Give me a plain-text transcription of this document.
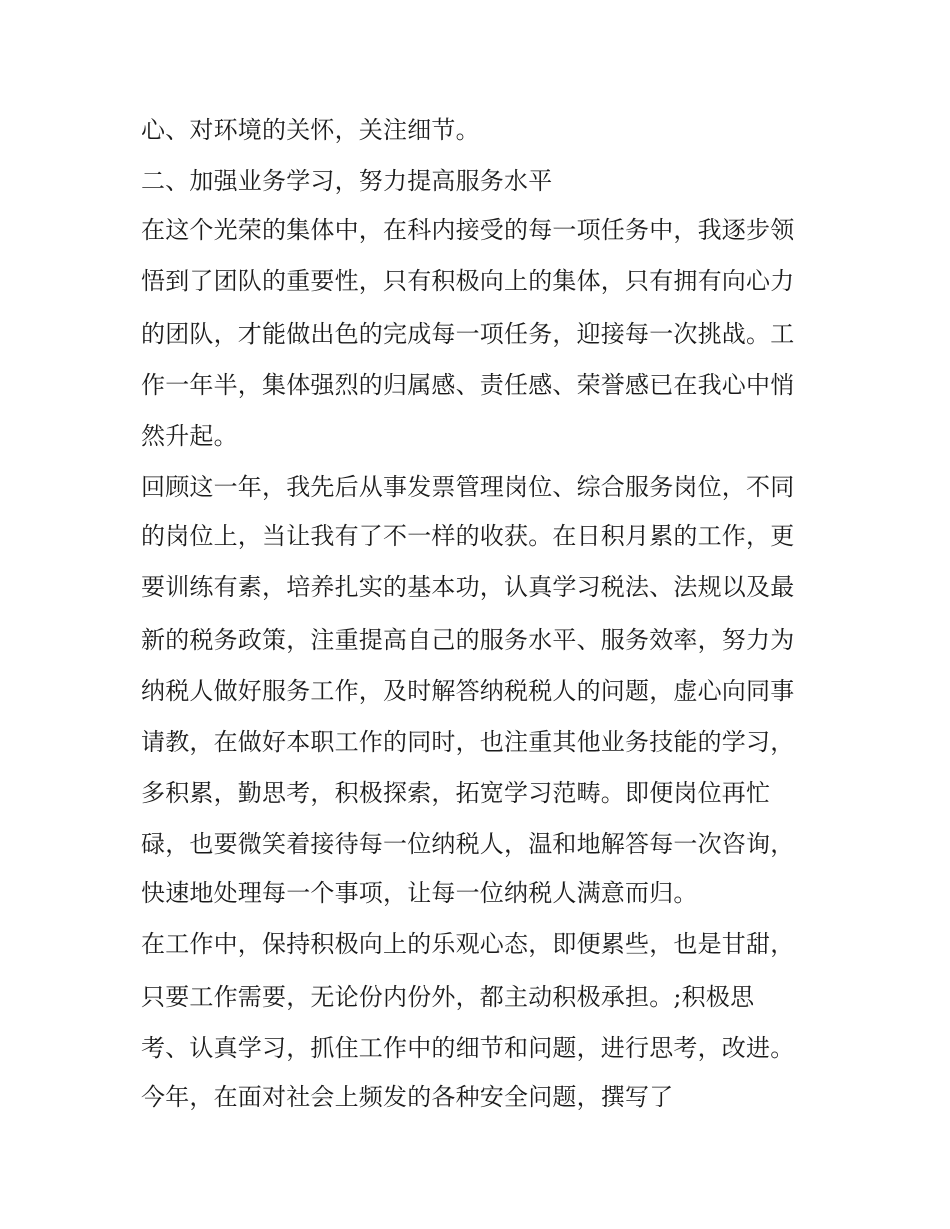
心、对环境的关怀，关注细节。
二、加强业务学习，努力提高服务水平
在这个光荣的集体中，在科内接受的每一项任务中，我逐步领
悟到了团队的重要性，只有积极向上的集体，只有拥有向心力
的团队，才能做出色的完成每一项任务，迎接每一次挑战。工
作一年半，集体强烈的归属感、责任感、荣誉感已在我心中悄
然升起。
回顾这一年，我先后从事发票管理岗位、综合服务岗位，不同
的岗位上，当让我有了不一样的收获。在日积月累的工作，更
要训练有素，培养扎实的基本功，认真学习税法、法规以及最
新的税务政策，注重提高自己的服务水平、服务效率，努力为
纳税人做好服务工作，及时解答纳税税人的问题，虚心向同事
请教，在做好本职工作的同时，也注重其他业务技能的学习，
多积累，勤思考，积极探索，拓宽学习范畴。即便岗位再忙
碌，也要微笑着接待每一位纳税人，温和地解答每一次咨询，
快速地处理每一个事项，让每一位纳税人满意而归。
在工作中，保持积极向上的乐观心态，即便累些，也是甘甜，
只要工作需要，无论份内份外，都主动积极承担。;积极思
考、认真学习，抓住工作中的细节和问题，进行思考，改进。
今年，在面对社会上频发的各种安全问题，撰写了
